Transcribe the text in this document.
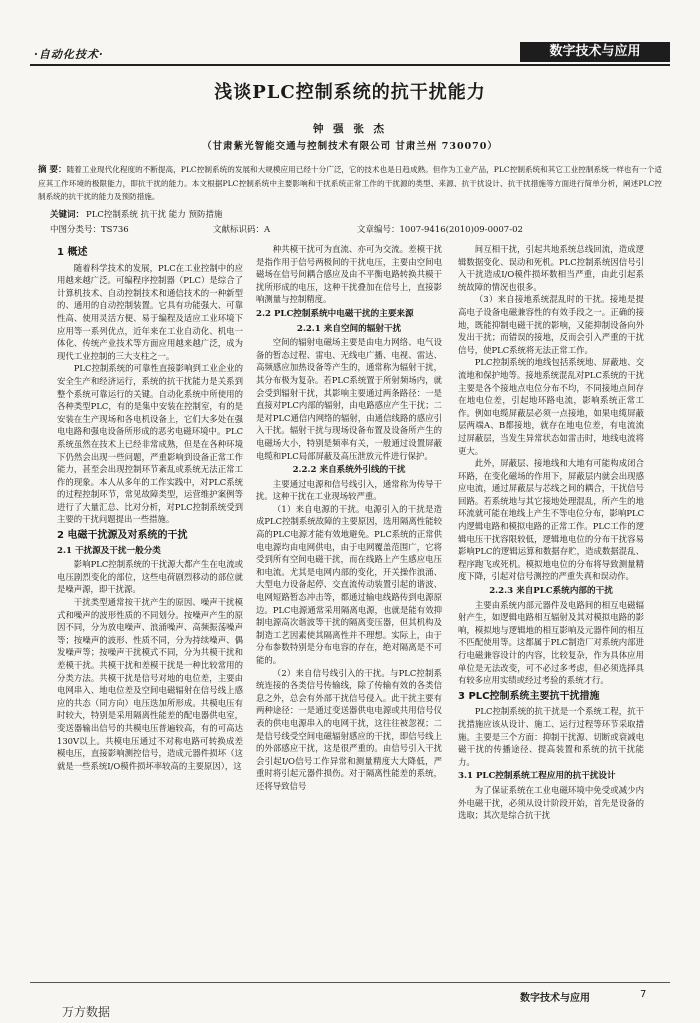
·自动化技术·	数字技术与应用
浅谈PLC控制系统的抗干扰能力
钟 强 张 杰
（甘肃紫光智能交通与控制技术有限公司 甘肃兰州 730070）
摘 要：随着工业现代化程度的不断提高，PLC控制系统的发展和大规模应用已经十分广泛，它的技术也是日趋成熟。但作为工业产品，PLC控制系统和其它工业控制系统一样也有一个适应其工作环境的极限能力，即抗干扰的能力。本文根据PLC控制系统中主要影响和干扰系统正常工作的干扰源的类型、来源、抗干扰设计、抗干扰措施等方面进行简单分析，阐述PLC控制系统的抗干扰的能力及预防措施。
关键词： PLC控制系统 抗干扰 能力 预防措施
中图分类号：TS736	文献标识码：A	文章编号：1007-9416(2010)09-0007-02
1 概述

随着科学技术的发展，PLC在工业控制中的应用越来越广泛。可编程序控制器（PLC）是综合了计算机技术、自动控制技术和通信技术的一种新型的、通用的自动控制装置。它具有功能强大、可靠性高、使用灵活方便、易于编程及适应工业环境下应用等一系列优点，近年来在工业自动化、机电一体化、传统产业技术等方面应用越来越广泛，成为现代工业控制的三大支柱之一。

PLC控制系统的可靠性直接影响到工业企业的安全生产和经济运行，系统的抗干扰能力是关系到整个系统可靠运行的关键。自动化系统中所使用的各种类型PLC，有的是集中安装在控制室，有的是安装在生产现场和各电机设备上，它们大多处在强电电路和强电设备所形成的恶劣电磁环境中。PLC系统虽然在技术上已经非常成熟，但是在各种环境下仍然会出现一些问题，严重影响到设备正常工作能力，甚至会出现控制环节紊乱或系统无法正常工作的现象。本人从多年的工作实践中，对PLC系统的过程控制环节，常见故障类型，运营维护案例等进行了大量汇总、比对分析，对PLC控制系统受到主要的干扰问题提出一些措施。

2 电磁干扰源及对系统的干扰
2.1 干扰源及干扰一般分类

影响PLC控制系统的干扰源大都产生在电流或电压剧烈变化的部位，这些电荷剧烈移动的部位就是噪声源，即干扰源。

干扰类型通常按干扰产生的原因、噪声干扰模式和噪声的波形性质的不同划分。按噪声产生的原因不同，分为放电噪声、浪涌噪声、高频振荡噪声等；按噪声的波形、性质不同，分为持续噪声、偶发噪声等；按噪声干扰模式不同，分为共模干扰和差模干扰。共模干扰和差模干扰是一种比较常用的分类方法。共模干扰是信号对地的电位差，主要由电网串入、地电位差及空间电磁辐射在信号线上感应的共态（同方向）电压迭加所形成。共模电压有时较大，特别是采用隔离性能差的配电器供电室，变送器输出信号的共模电压普遍较高，有的可高达130V以上。共模电压通过不对称电路可转换成差模电压，直接影响测控信号，造成元器件损坏（这就是一些系统I/O模件损坏率较高的主要原因），这

种共模干扰可为直流、亦可为交流。差模干扰是指作用于信号两极间的干扰电压，主要由空间电磁场在信号间耦合感应及由不平衡电路转换共模干扰所形成的电压，这种干扰叠加在信号上，直接影响测量与控制精度。

2.2 PLC控制系统中电磁干扰的主要来源
2.2.1 来自空间的辐射干扰

空间的辐射电磁场主要是由电力网络、电气设备的暂态过程、雷电、无线电广播、电视、雷达、高频感应加热设备等产生的，通常称为辐射干扰，其分布极为复杂。若PLC系统置于所射频场内，就会受到辐射干扰，其影响主要通过两条路径：一是直接对PLC内部的辐射，由电路感应产生干扰；二是对PLC通信内网络的辐射，由通信线路的感应引入干扰。辐射干扰与现场设备布置及设备所产生的电磁场大小，特别是频率有关，一般通过设置屏蔽电缆和PLC局部屏蔽及高压泄放元件进行保护。

2.2.2 来自系统外引线的干扰

主要通过电源和信号线引入，通常称为传导干扰。这种干扰在工业现场较严重。

（1）来自电源的干扰。电源引入的干扰是造成PLC控制系统故障的主要原因，选用隔离性能较高的PLC电源才能有效地避免。PLC系统的正常供电电源均由电网供电，由于电网覆盖范围广，它将受到所有空间电磁干扰，而在线路上产生感应电压和电流。尤其是电网内部的变化，开关操作浪涌、大型电力设备起停、交直流传动装置引起的谐波、电网短路暂态冲击等，都通过输电线路传到电源原边。PLC电源通常采用隔离电源，也就是能有效抑制电源高次谐波等干扰的隔离变压器，但其机构及制造工艺因素使其隔离性并不理想。实际上，由于分布参数特别是分布电容的存在，绝对隔离是不可能的。

（2）来自信号线引入的干扰。与PLC控制系统连接的各类信号传输线，除了传输有效的各类信息之外，总会有外部干扰信号侵入。此干扰主要有两种途径：一是通过变送器供电电源或共用信号仪表的供电电源串入的电网干扰，这往往被忽视；二是信号线受空间电磁辐射感应的干扰，即信号线上的外部感应干扰，这是很严重的。由信号引入干扰会引起I/O信号工作异常和测量精度大大降低，严重时将引起元器件损伤。对于隔离性能差的系统，还将导致信号

间互相干扰，引起共地系统总线回流，造成逻辑数据变化、误动和死机。PLC控制系统因信号引入干扰造成I/O模件损坏数相当严重，由此引起系统故障的情况也很多。

（3）来自接地系统混乱时的干扰。接地是提高电子设备电磁兼容性的有效手段之一。正确的接地，既能抑制电磁干扰的影响，又能抑制设备向外发出干扰；而错误的接地，反而会引入严重的干扰信号，使PLC系统将无法正常工作。

PLC控制系统的地线包括系统地、屏蔽地、交流地和保护地等。接地系统混乱对PLC系统的干扰主要是各个接地点电位分布不均，不同接地点间存在地电位差，引起地环路电流，影响系统正常工作。例如电缆屏蔽层必须一点接地，如果电缆屏蔽层两端A、B都接地，就存在地电位差，有电流流过屏蔽层，当发生异常状态如雷击时，地线电流将更大。

此外，屏蔽层、接地线和大地有可能构成闭合环路，在变化磁场的作用下，屏蔽层内就会出现感应电流，通过屏蔽层与芯线之间的耦合，干扰信号回路。若系统地与其它接地处理混乱，所产生的地环流就可能在地线上产生不等电位分布，影响PLC内逻辑电路和模拟电路的正常工作。PLC工作的逻辑电压干扰容限较低，逻辑地电位的分布干扰容易影响PLC的逻辑运算和数据存贮，造成数据混乱、程序跑飞或死机。模拟地电位的分布将导致测量精度下降，引起对信号测控的严重失真和误动作。

2.2.3 来自PLC系统内部的干扰

主要由系统内部元器件及电路间的相互电磁辐射产生，如逻辑电路相互辐射及其对模拟电路的影响，模拟地与逻辑地的相互影响及元器件间的相互不匹配使用等。这都属于PLC制造厂对系统内部进行电磁兼容设计的内容，比较复杂，作为具体应用单位是无法改变，可不必过多考虑，但必须选择具有较多应用实绩或经过考验的系统才行。

3 PLC控制系统主要抗干扰措施

PLC控制系统的抗干扰是一个系统工程，抗干扰措施应该从设计、施工、运行过程等环节采取措施。主要是三个方面：抑制干扰源、切断或衰减电磁干扰的传播途径、提高装置和系统的抗干扰能力。

3.1 PLC控制系统工程应用的抗干扰设计

为了保证系统在工业电磁环境中免受或减少内外电磁干扰，必须从设计阶段开始，首先是设备的选取；其次是综合抗干扰

数字技术与应用	7
万方数据
